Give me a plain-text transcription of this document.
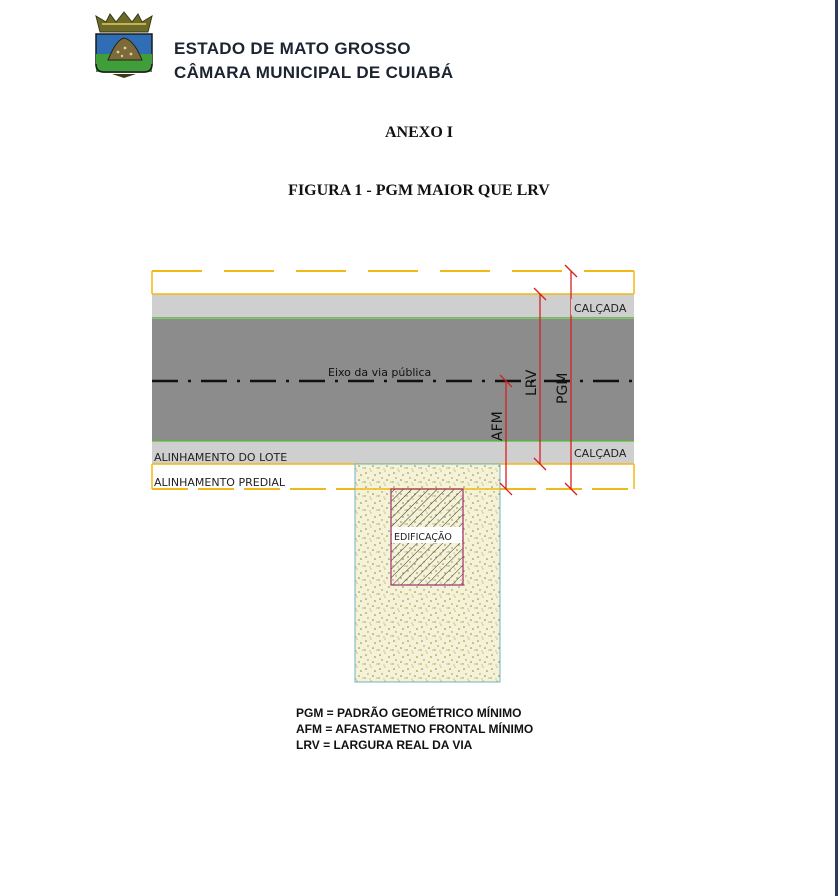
ESTADO DE MATO GROSSO
CÂMARA MUNICIPAL DE CUIABÁ
ANEXO I
FIGURA 1 - PGM MAIOR QUE LRV
CALÇADA
CALÇADA
Eixo da via pública
ALINHAMENTO DO LOTE
ALINHAMENTO PREDIAL
EDIFICAÇÃO
AFM
LRV PGM
PGM = PADRÃO GEOMÉTRICO MÍNIMO
AFM = AFASTAMETNO FRONTAL MÍNIMO
LRV = LARGURA REAL DA VIA
